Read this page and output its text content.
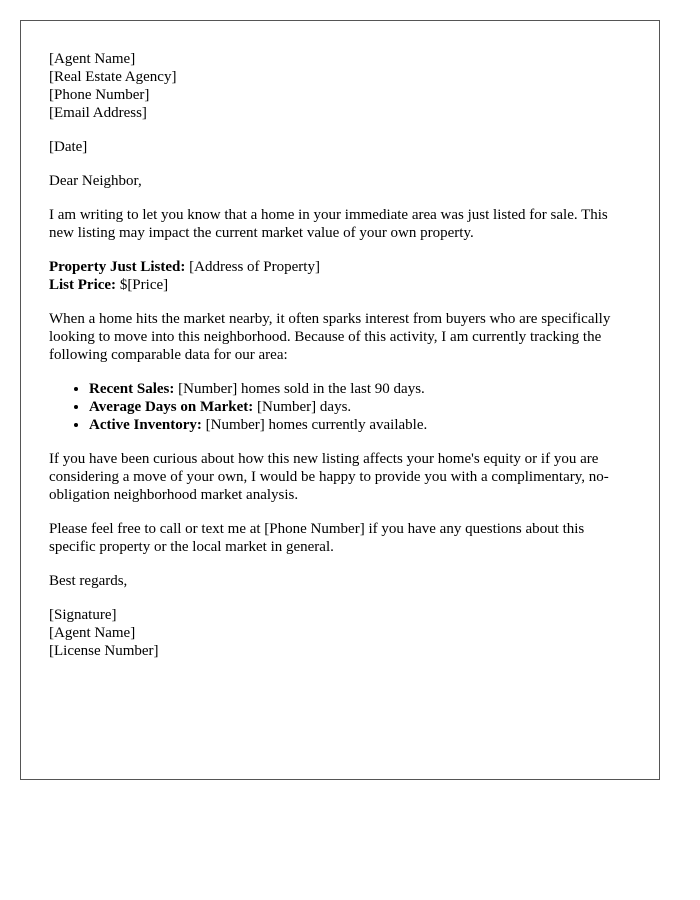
[Agent Name]
[Real Estate Agency]
[Phone Number]
[Email Address]

[Date]

Dear Neighbor,

I am writing to let you know that a home in your immediate area was just listed for sale. This new listing may impact the current market value of your own property.

Property Just Listed: [Address of Property]
List Price: $[Price]

When a home hits the market nearby, it often sparks interest from buyers who are specifically looking to move into this neighborhood. Because of this activity, I am currently tracking the following comparable data for our area:

• Recent Sales: [Number] homes sold in the last 90 days.
• Average Days on Market: [Number] days.
• Active Inventory: [Number] homes currently available.

If you have been curious about how this new listing affects your home's equity or if you are considering a move of your own, I would be happy to provide you with a complimentary, no-obligation neighborhood market analysis.

Please feel free to call or text me at [Phone Number] if you have any questions about this specific property or the local market in general.

Best regards,

[Signature]
[Agent Name]
[License Number]
